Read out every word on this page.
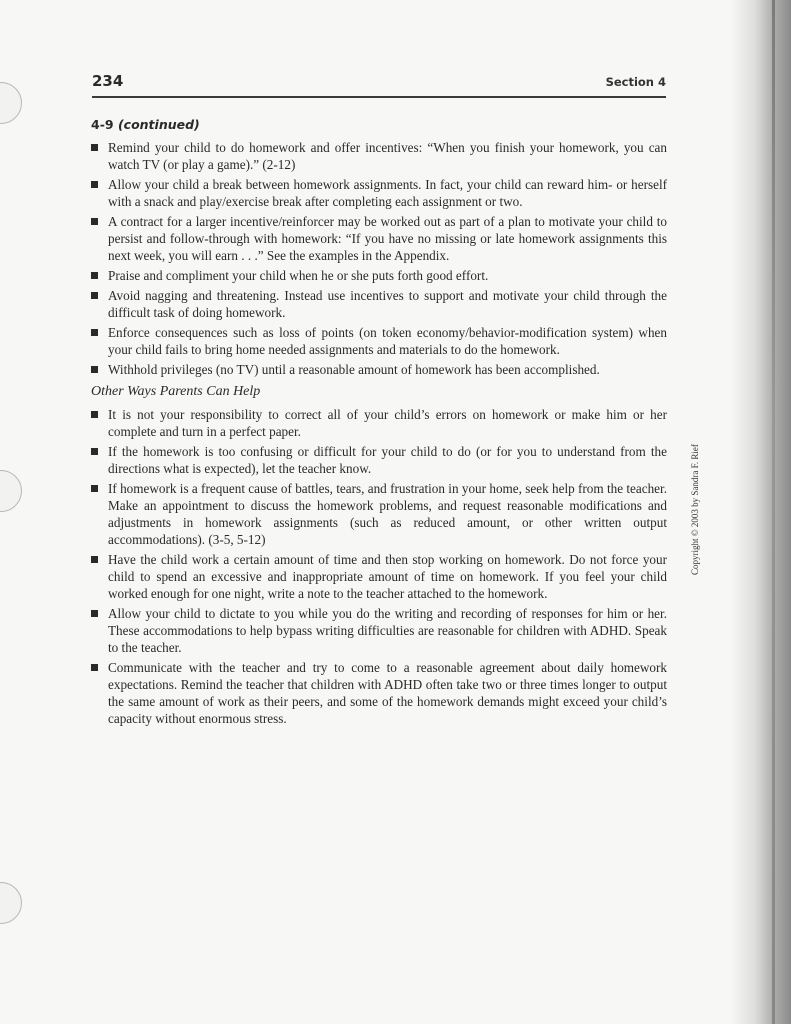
234	Section 4
4-9 (continued)
Remind your child to do homework and offer incentives: “When you finish your homework, you can watch TV (or play a game).” (2-12)
Allow your child a break between homework assignments. In fact, your child can reward him- or herself with a snack and play/exercise break after completing each assignment or two.
A contract for a larger incentive/reinforcer may be worked out as part of a plan to motivate your child to persist and follow-through with homework: “If you have no missing or late homework assignments this next week, you will earn . . .” See the examples in the Appendix.
Praise and compliment your child when he or she puts forth good effort.
Avoid nagging and threatening. Instead use incentives to support and motivate your child through the difficult task of doing homework.
Enforce consequences such as loss of points (on token economy/behavior-modification system) when your child fails to bring home needed assignments and materials to do the homework.
Withhold privileges (no TV) until a reasonable amount of homework has been accomplished.
Other Ways Parents Can Help
It is not your responsibility to correct all of your child’s errors on homework or make him or her complete and turn in a perfect paper.
If the homework is too confusing or difficult for your child to do (or for you to understand from the directions what is expected), let the teacher know.
If homework is a frequent cause of battles, tears, and frustration in your home, seek help from the teacher. Make an appointment to discuss the homework problems, and request reasonable modifications and adjustments in homework assignments (such as reduced amount, or other written output accommodations). (3-5, 5-12)
Have the child work a certain amount of time and then stop working on homework. Do not force your child to spend an excessive and inappropriate amount of time on homework. If you feel your child worked enough for one night, write a note to the teacher attached to the homework.
Allow your child to dictate to you while you do the writing and recording of responses for him or her. These accommodations to help bypass writing difficulties are reasonable for children with ADHD. Speak to the teacher.
Communicate with the teacher and try to come to a reasonable agreement about daily homework expectations. Remind the teacher that children with ADHD often take two or three times longer to output the same amount of work as their peers, and some of the homework demands might exceed your child’s capacity without enormous stress.
Copyright © 2003 by Sandra F. Rief
